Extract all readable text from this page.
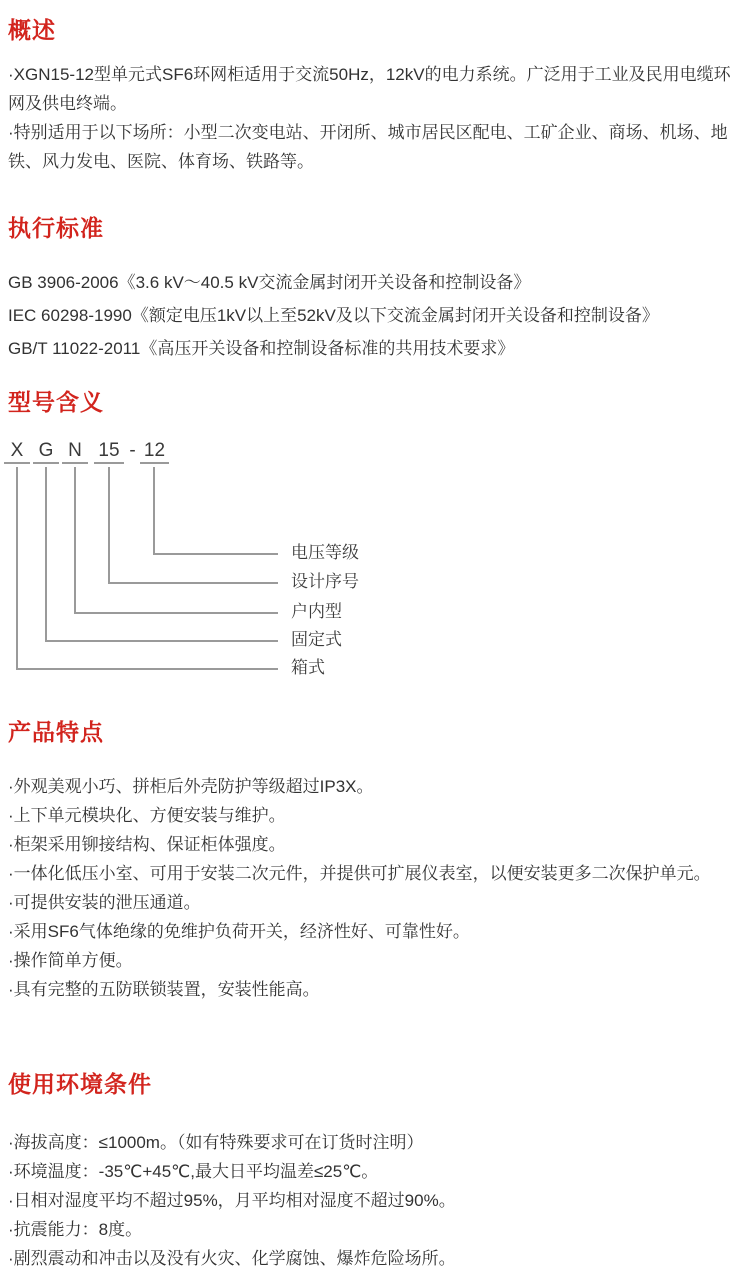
概述

·XGN15-12型单元式SF6环网柜适用于交流50Hz，12kV的电力系统。广泛用于工业及民用电缆环网及供电终端。

·特别适用于以下场所：小型二次变电站、开闭所、城市居民区配电、工矿企业、商场、机场、地铁、风力发电、医院、体育场、铁路等。

执行标准

GB 3906-2006《3.6 kV～40.5 kV交流金属封闭开关设备和控制设备》

IEC 60298-1990《额定电压1kV以上至52kV及以下交流金属封闭开关设备和控制设备》

GB/T 11022-2011《高压开关设备和控制设备标准的共用技术要求》

型号含义
X G N 15 - 12
电压等级
设计序号
户内型
固定式
箱式
产品特点

·外观美观小巧、拼柜后外壳防护等级超过IP3X。

·上下单元模块化、方便安装与维护。

·柜架采用铆接结构、保证柜体强度。

·一体化低压小室、可用于安装二次元件，并提供可扩展仪表室，以便安装更多二次保护单元。

·可提供安装的泄压通道。

·采用SF6气体绝缘的免维护负荷开关，经济性好、可靠性好。

·操作简单方便。

·具有完整的五防联锁装置，安装性能高。

使用环境条件

·海拔高度：≤1000m。（如有特殊要求可在订货时注明）

·环境温度：-35℃+45℃,最大日平均温差≤25℃。

·日相对湿度平均不超过95%，月平均相对湿度不超过90%。

·抗震能力：8度。

·剧烈震动和冲击以及没有火灾、化学腐蚀、爆炸危险场所。
